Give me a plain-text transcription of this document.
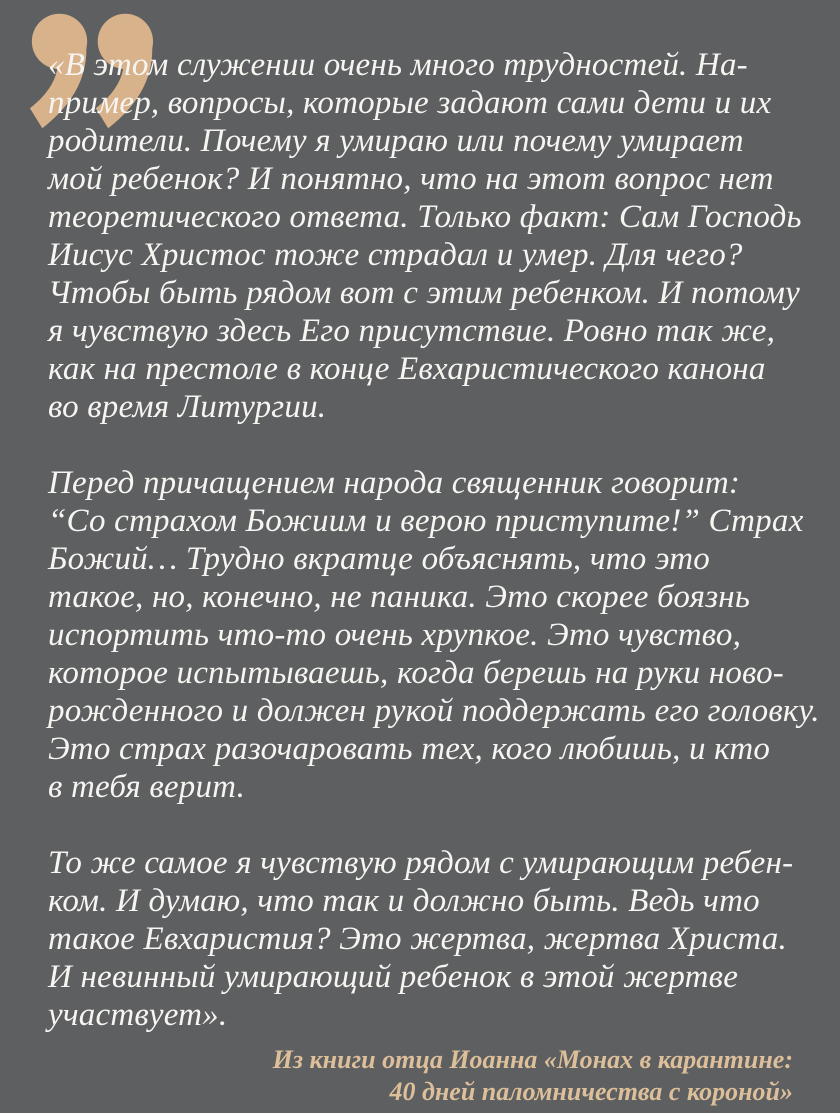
«В этом служении очень много трудностей. На-
пример, вопросы, которые задают сами дети и их
родители. Почему я умираю или почему умирает
мой ребенок? И понятно, что на этот вопрос нет
теоретического ответа. Только факт: Сам Господь
Иисус Христос тоже страдал и умер. Для чего?
Чтобы быть рядом вот с этим ребенком. И потому
я чувствую здесь Его присутствие. Ровно так же,
как на престоле в конце Евхаристического канона
во время Литургии.
Перед причащением народа священник говорит:
“Со страхом Божиим и верою приступите!” Страх
Божий… Трудно вкратце объяснять, что это
такое, но, конечно, не паника. Это скорее боязнь
испортить что-то очень хрупкое. Это чувство,
которое испытываешь, когда берешь на руки ново-
рожденного и должен рукой поддержать его головку.
Это страх разочаровать тех, кого любишь, и кто
в тебя верит.
То же самое я чувствую рядом с умирающим ребен-
ком. И думаю, что так и должно быть. Ведь что
такое Евхаристия? Это жертва, жертва Христа.
И невинный умирающий ребенок в этой жертве
участвует».
Из книги отца Иоанна «Монах в карантине:
40 дней паломничества с короной»
